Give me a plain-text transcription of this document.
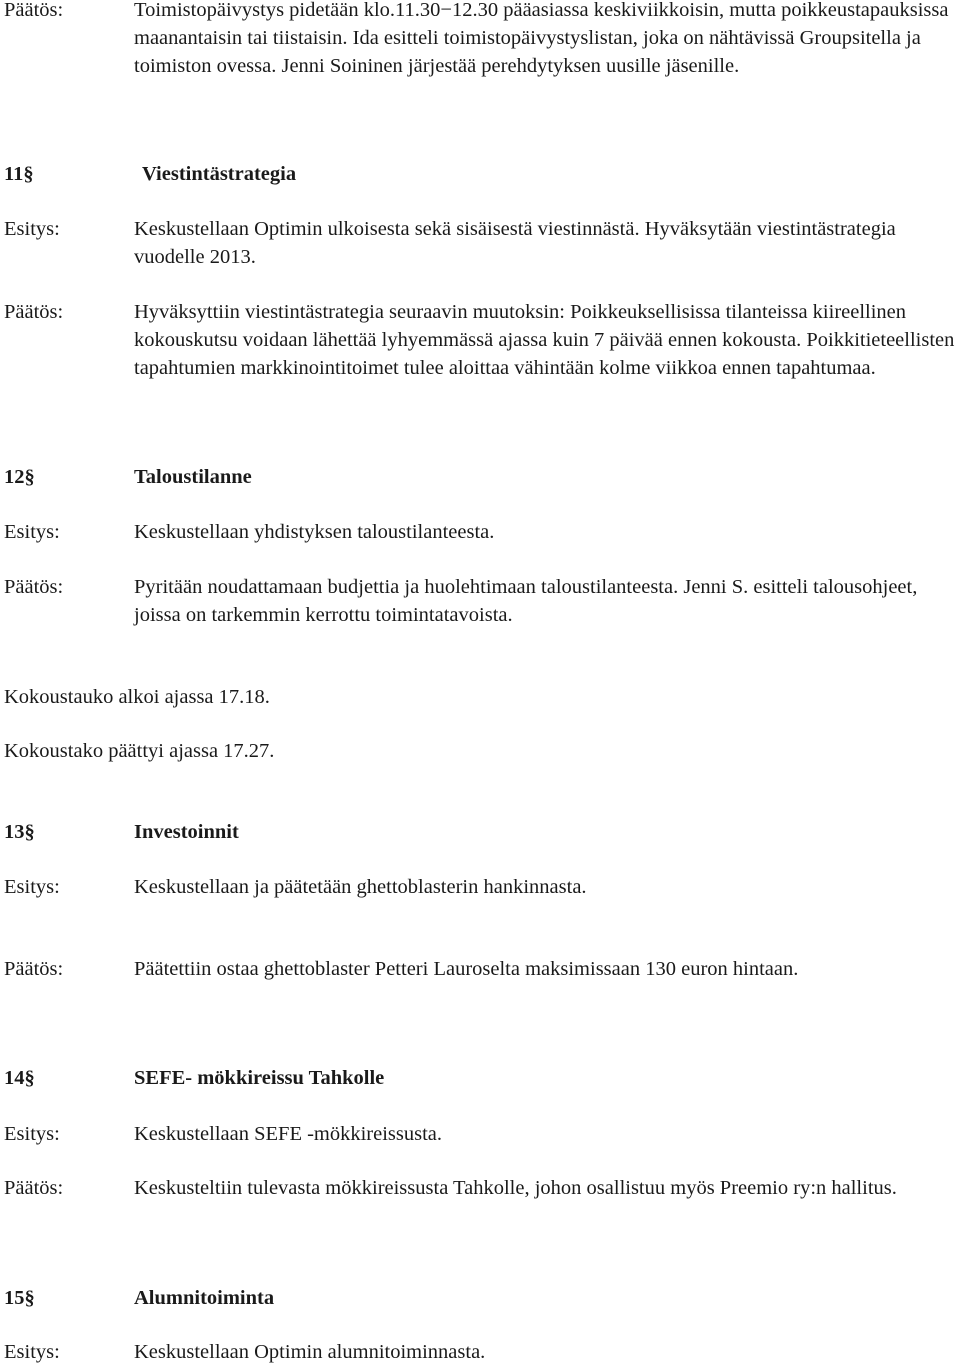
Päätös:	Toimistopäivystys pidetään klo.11.30−12.30 pääasiassa keskiviikkoisin, mutta poikkeustapauksissa maanantaisin tai tiistaisin. Ida esitteli toimistopäivystyslistan, joka on nähtävissä Groupsitella ja toimiston ovessa. Jenni Soininen järjestää perehdytyksen uusille jäsenille.
11§	Viestintästrategia
Esitys:	Keskustellaan Optimin ulkoisesta sekä sisäisestä viestinnästä. Hyväksytään viestintästrategia vuodelle 2013.
Päätös:	Hyväksyttiin viestintästrategia seuraavin muutoksin: Poikkeuksellisissa tilanteissa kiireellinen kokouskutsu voidaan lähettää lyhyemmässä ajassa kuin 7 päivää ennen kokousta. Poikkitieteellisten tapahtumien markkinointitoimet tulee aloittaa vähintään kolme viikkoa ennen tapahtumaa.
12§	Taloustilanne
Esitys:	Keskustellaan yhdistyksen taloustilanteesta.
Päätös:	Pyritään noudattamaan budjettia ja huolehtimaan taloustilanteesta. Jenni S. esitteli talousohjeet, joissa on tarkemmin kerrottu toimintatavoista.
Kokoustauko alkoi ajassa 17.18.
Kokoustako päättyi ajassa 17.27.
13§	Investoinnit
Esitys:	Keskustellaan ja päätetään ghettoblasterin hankinnasta.
Päätös:	Päätettiin ostaa ghettoblaster Petteri Lauroselta maksimissaan 130 euron hintaan.
14§	SEFE- mökkireissu Tahkolle
Esitys:	Keskustellaan SEFE -mökkireissusta.
Päätös:	Keskusteltiin tulevasta mökkireissusta Tahkolle, johon osallistuu myös Preemio ry:n hallitus.
15§	Alumnitoiminta
Esitys:	Keskustellaan Optimin alumnitoiminnasta.
